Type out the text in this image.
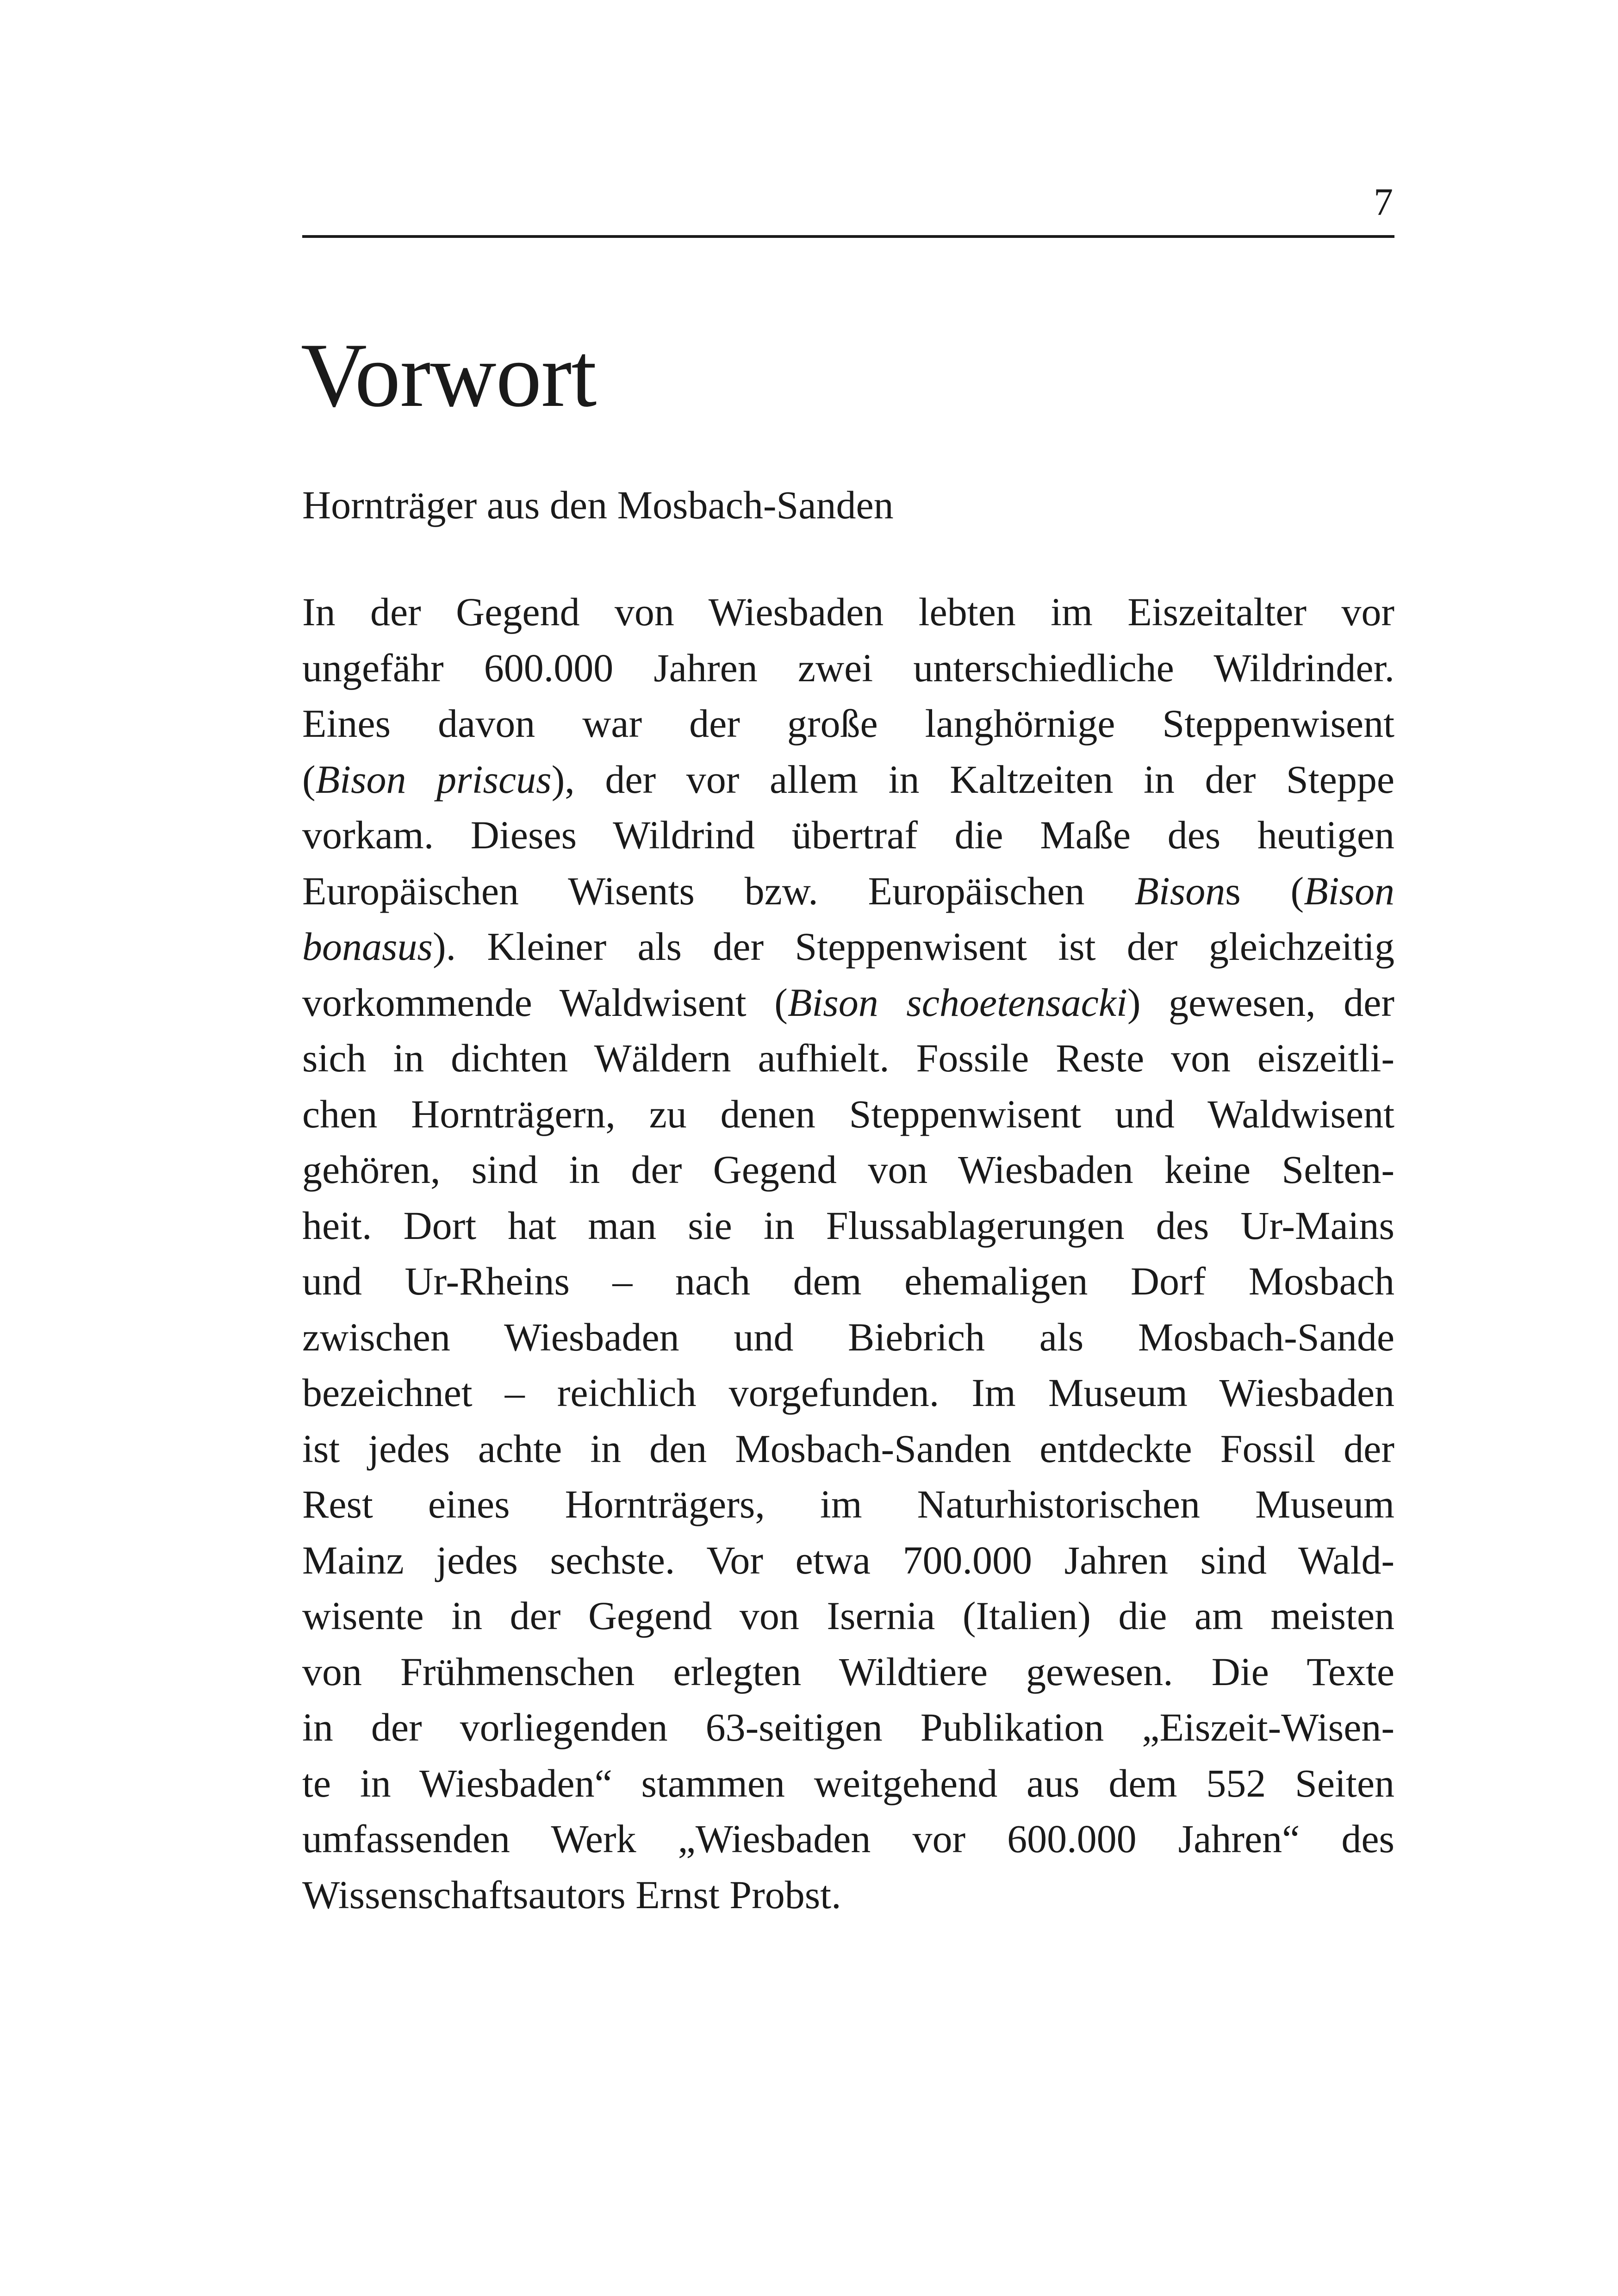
7
Vorwort

Hornträger aus den Mosbach-Sanden

In der Gegend von Wiesbaden lebten im Eiszeitalter vor
ungefähr 600.000 Jahren zwei unterschiedliche Wildrinder.
Eines davon war der große langhörnige Steppenwisent
(Bison priscus), der vor allem in Kaltzeiten in der Steppe
vorkam. Dieses Wildrind übertraf die Maße des heutigen
Europäischen Wisents bzw. Europäischen Bisons (Bison
bonasus). Kleiner als der Steppenwisent ist der gleichzeitig
vorkommende Waldwisent (Bison schoetensacki) gewesen, der
sich in dichten Wäldern aufhielt. Fossile Reste von eiszeitli-
chen Hornträgern, zu denen Steppenwisent und Waldwisent
gehören, sind in der Gegend von Wiesbaden keine Selten-
heit. Dort hat man sie in Flussablagerungen des Ur-Mains
und Ur-Rheins – nach dem ehemaligen Dorf Mosbach
zwischen Wiesbaden und Biebrich als Mosbach-Sande
bezeichnet – reichlich vorgefunden. Im Museum Wiesbaden
ist jedes achte in den Mosbach-Sanden entdeckte Fossil der
Rest eines Hornträgers, im Naturhistorischen Museum
Mainz jedes sechste. Vor etwa 700.000 Jahren sind Wald-
wisente in der Gegend von Isernia (Italien) die am meisten
von Frühmenschen erlegten Wildtiere gewesen. Die Texte
in der vorliegenden 63-seitigen Publikation „Eiszeit-Wisen-
te in Wiesbaden“ stammen weitgehend aus dem 552 Seiten
umfassenden Werk „Wiesbaden vor 600.000 Jahren“ des
Wissenschaftsautors Ernst Probst.
